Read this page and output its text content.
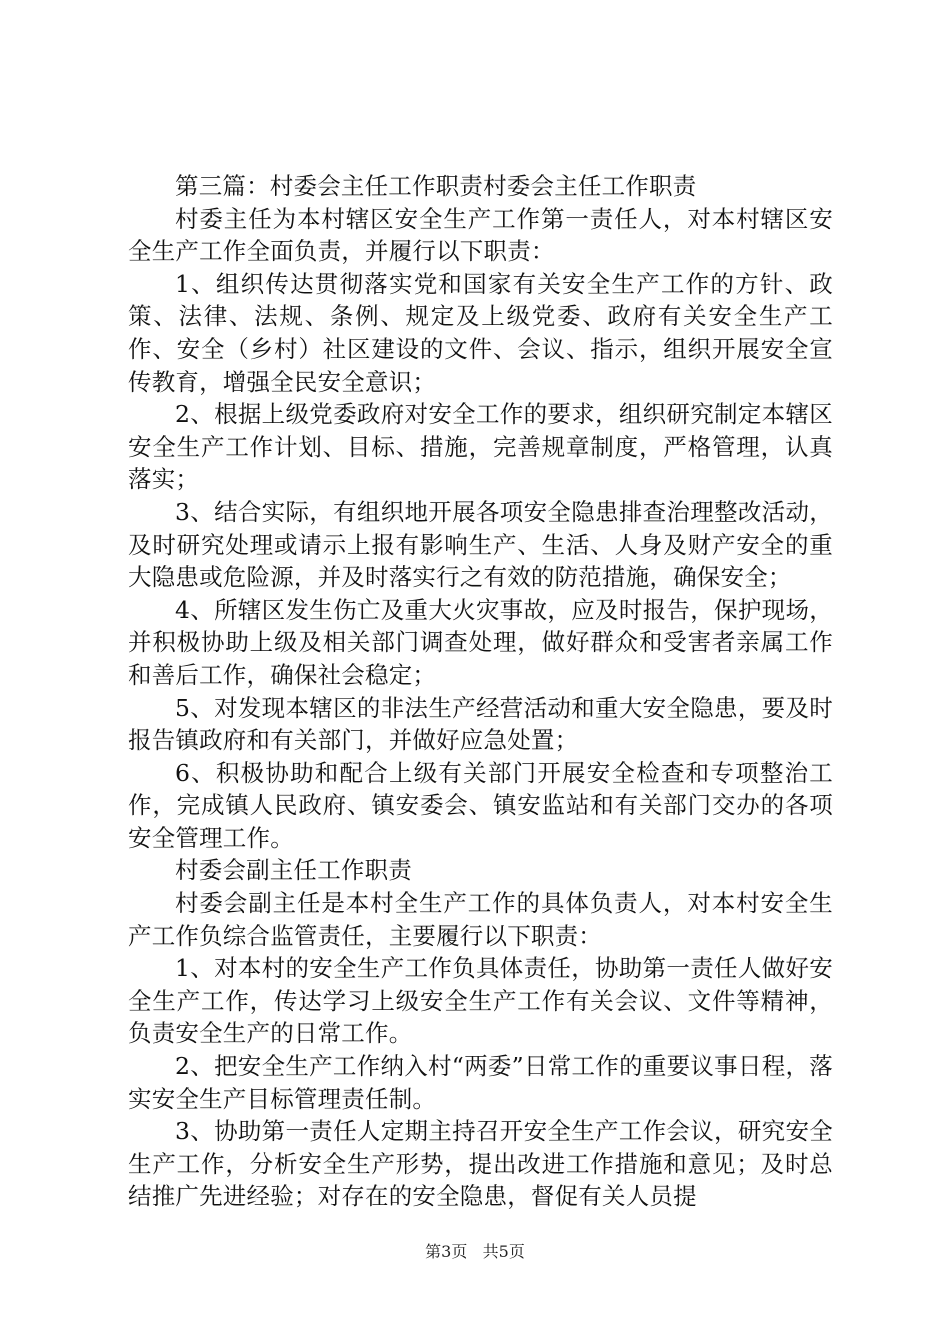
第三篇：村委会主任工作职责村委会主任工作职责

村委主任为本村辖区安全生产工作第一责任人，对本村辖区安全生产工作全面负责，并履行以下职责：

1、组织传达贯彻落实党和国家有关安全生产工作的方针、政策、法律、法规、条例、规定及上级党委、政府有关安全生产工作、安全（乡村）社区建设的文件、会议、指示，组织开展安全宣传教育，增强全民安全意识；

2、根据上级党委政府对安全工作的要求，组织研究制定本辖区安全生产工作计划、目标、措施，完善规章制度，严格管理，认真落实；

3、结合实际，有组织地开展各项安全隐患排查治理整改活动，及时研究处理或请示上报有影响生产、生活、人身及财产安全的重大隐患或危险源，并及时落实行之有效的防范措施，确保安全；

4、所辖区发生伤亡及重大火灾事故，应及时报告，保护现场，并积极协助上级及相关部门调查处理，做好群众和受害者亲属工作和善后工作，确保社会稳定；

5、对发现本辖区的非法生产经营活动和重大安全隐患，要及时报告镇政府和有关部门，并做好应急处置；

6、积极协助和配合上级有关部门开展安全检查和专项整治工作，完成镇人民政府、镇安委会、镇安监站和有关部门交办的各项安全管理工作。

村委会副主任工作职责

村委会副主任是本村全生产工作的具体负责人，对本村安全生产工作负综合监管责任，主要履行以下职责：

1、对本村的安全生产工作负具体责任，协助第一责任人做好安全生产工作，传达学习上级安全生产工作有关会议、文件等精神，负责安全生产的日常工作。

2、把安全生产工作纳入村“两委”日常工作的重要议事日程，落实安全生产目标管理责任制。

3、协助第一责任人定期主持召开安全生产工作会议，研究安全生产工作，分析安全生产形势，提出改进工作措施和意见；及时总结推广先进经验；对存在的安全隐患，督促有关人员提

第3页 共5页
